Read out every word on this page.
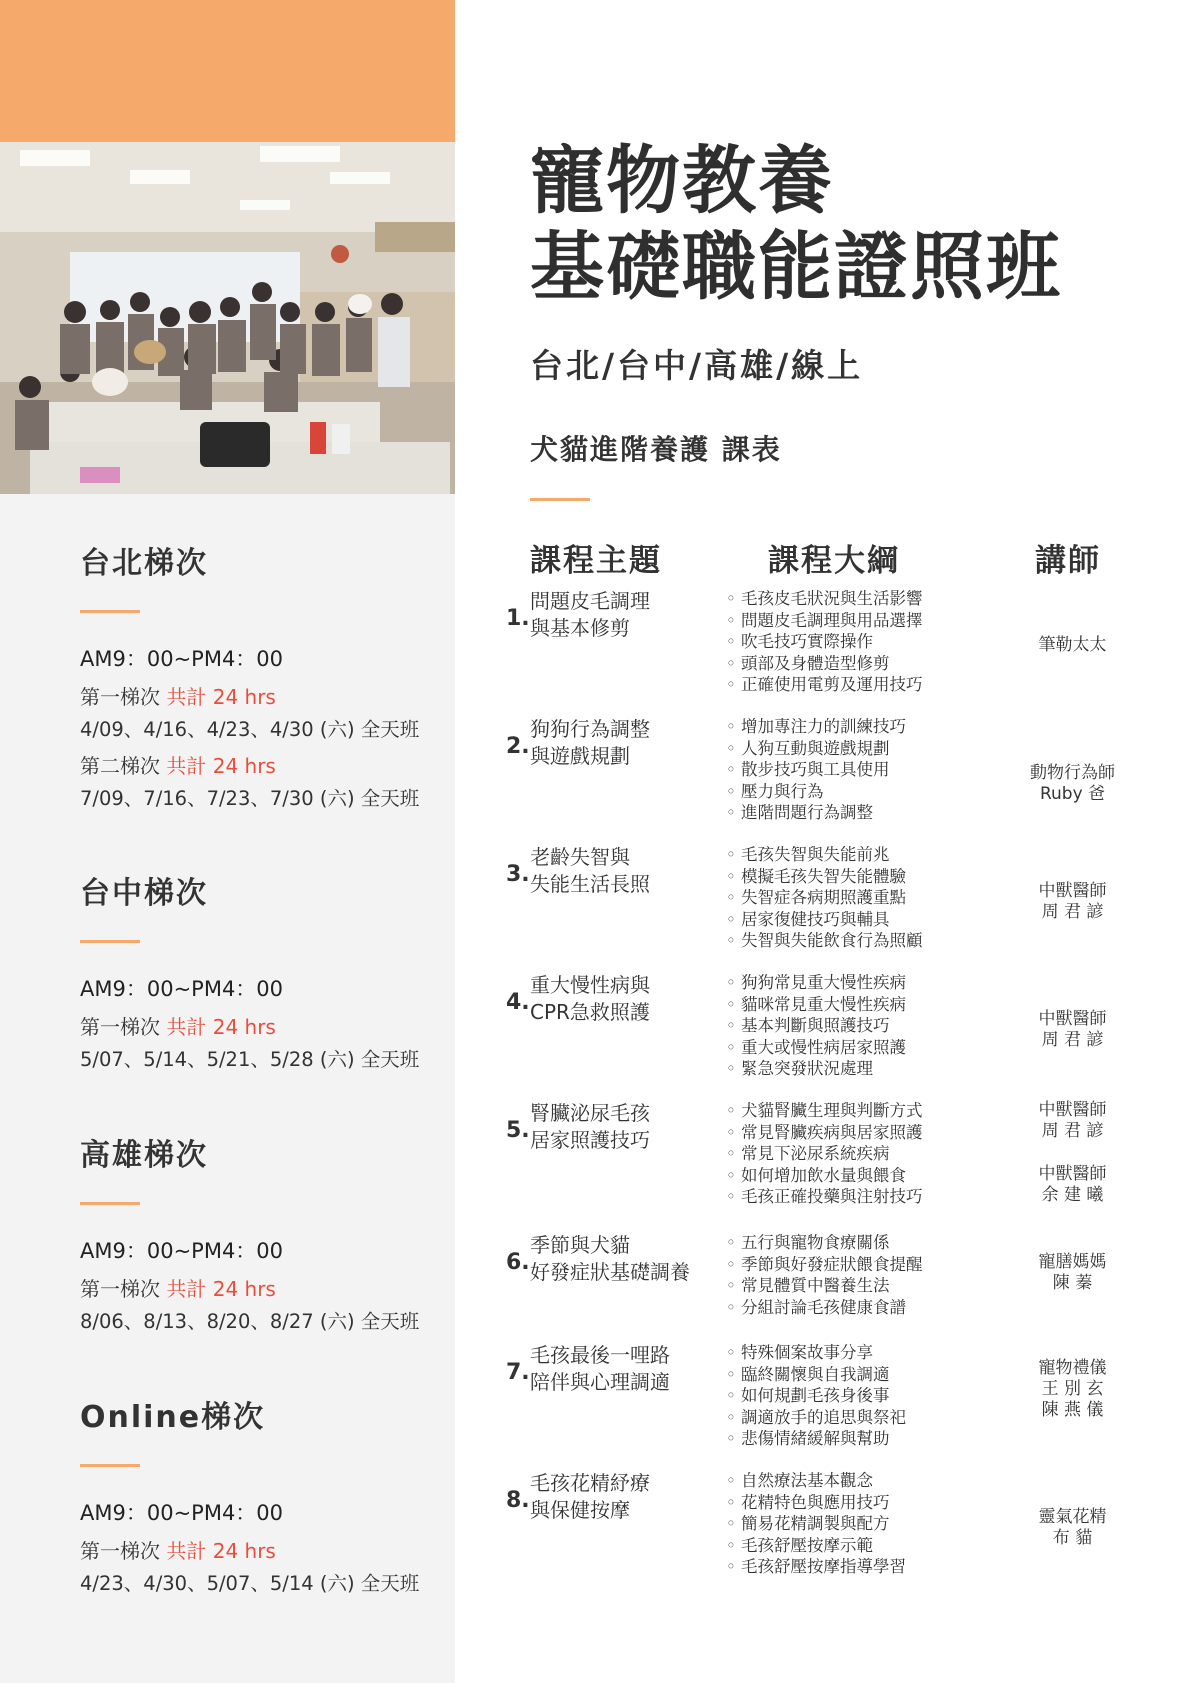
台北梯次
AM9：00~PM4：00
第一梯次 共計 24 hrs
4/09、4/16、4/23、4/30 (六) 全天班
第二梯次 共計 24 hrs
7/09、7/16、7/23、7/30 (六) 全天班
台中梯次
AM9：00~PM4：00
第一梯次 共計 24 hrs
5/07、5/14、5/21、5/28 (六) 全天班
高雄梯次
AM9：00~PM4：00
第一梯次 共計 24 hrs
8/06、8/13、8/20、8/27 (六) 全天班
Online梯次
AM9：00~PM4：00
第一梯次 共計 24 hrs
4/23、4/30、5/07、5/14 (六) 全天班
寵物教養
基礎職能證照班
台北/台中/高雄/線上
犬貓進階養護 課表
課程主題	課程大綱	講師
1.
問題皮毛調理
與基本修剪
◦ 毛孩皮毛狀況與生活影響
◦ 問題皮毛調理與用品選擇
◦ 吹毛技巧實際操作
◦ 頭部及身體造型修剪
◦ 正確使用電剪及運用技巧
筆勒太太
2.
狗狗行為調整
與遊戲規劃
◦ 增加專注力的訓練技巧
◦ 人狗互動與遊戲規劃
◦ 散步技巧與工具使用
◦ 壓力與行為
◦ 進階問題行為調整
動物行為師
Ruby 爸
3.
老齡失智與
失能生活長照
◦ 毛孩失智與失能前兆
◦ 模擬毛孩失智失能體驗
◦ 失智症各病期照護重點
◦ 居家復健技巧與輔具
◦ 失智與失能飲食行為照顧
中獸醫師
周 君 諺
4.
重大慢性病與
CPR急救照護
◦ 狗狗常見重大慢性疾病
◦ 貓咪常見重大慢性疾病
◦ 基本判斷與照護技巧
◦ 重大或慢性病居家照護
◦ 緊急突發狀況處理
中獸醫師
周 君 諺
5.
腎臟泌尿毛孩
居家照護技巧
◦ 犬貓腎臟生理與判斷方式
◦ 常見腎臟疾病與居家照護
◦ 常見下泌尿系統疾病
◦ 如何增加飲水量與餵食
◦ 毛孩正確投藥與注射技巧
中獸醫師
周 君 諺
中獸醫師
余 建 曦
6.
季節與犬貓
好發症狀基礎調養
◦ 五行與寵物食療關係
◦ 季節與好發症狀餵食提醒
◦ 常見體質中醫養生法
◦ 分組討論毛孩健康食譜
寵膳媽媽
陳 蓁
7.
毛孩最後一哩路
陪伴與心理調適
◦ 特殊個案故事分享
◦ 臨終關懷與自我調適
◦ 如何規劃毛孩身後事
◦ 調適放手的追思與祭祀
◦ 悲傷情緒緩解與幫助
寵物禮儀
王 別 玄
陳 燕 儀
8.
毛孩花精紓療
與保健按摩
◦ 自然療法基本觀念
◦ 花精特色與應用技巧
◦ 簡易花精調製與配方
◦ 毛孩舒壓按摩示範
◦ 毛孩舒壓按摩指導學習
靈氣花精
布 貓
